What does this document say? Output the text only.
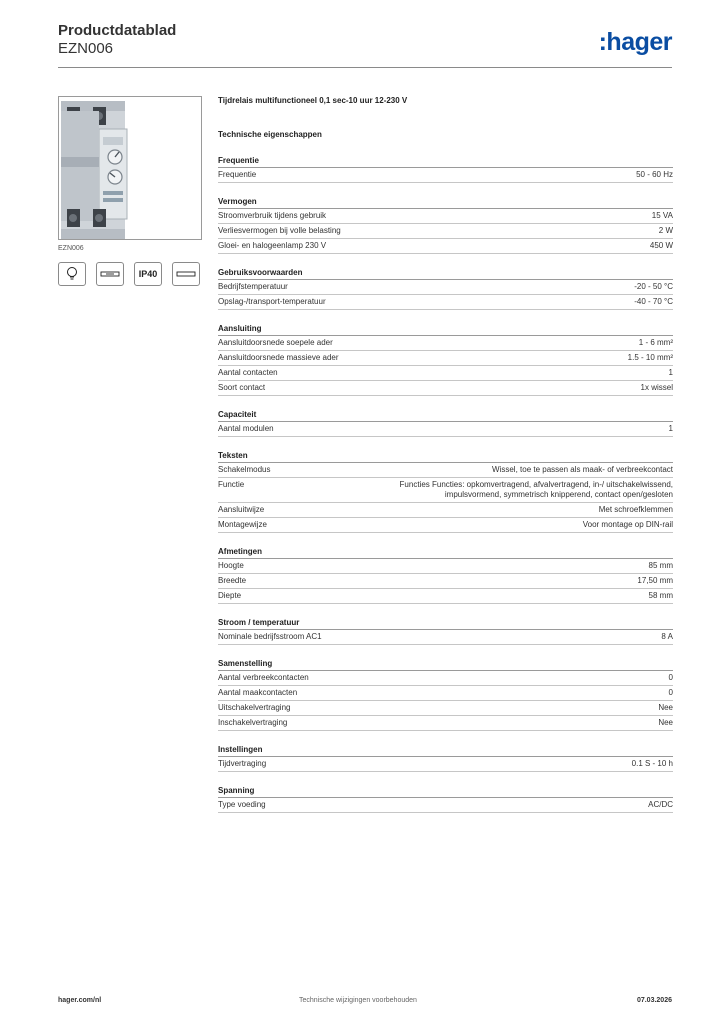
Productdatablad
EZN006	:hager
EZN006
IP40
Tijdrelais multifunctioneel 0,1 sec-10 uur 12-230 V
Technische eigenschappen
Frequentie
Frequentie	50 - 60 Hz
Vermogen
Stroomverbruik tijdens gebruik	15 VA
Verliesvermogen bij volle belasting	2 W
Gloei- en halogeenlamp 230 V	450 W
Gebruiksvoorwaarden
Bedrijfstemperatuur	-20 - 50 °C
Opslag-/transport-temperatuur	-40 - 70 °C
Aansluiting
Aansluitdoorsnede soepele ader	1 - 6 mm²
Aansluitdoorsnede massieve ader	1.5 - 10 mm²
Aantal contacten	1
Soort contact	1x wissel
Capaciteit
Aantal modulen	1
Teksten
Schakelmodus	Wissel, toe te passen als maak- of verbreekcontact
Functie	Functies Functies: opkomvertragend, afvalvertragend, in-/ uitschakelwissend, impulsvormend, symmetrisch knipperend, contact open/gesloten
Aansluitwijze	Met schroefklemmen
Montagewijze	Voor montage op DIN-rail
Afmetingen
Hoogte	85 mm
Breedte	17,50 mm
Diepte	58 mm
Stroom / temperatuur
Nominale bedrijfsstroom AC1	8 A
Samenstelling
Aantal verbreekcontacten	0
Aantal maakcontacten	0
Uitschakelvertraging	Nee
Inschakelvertraging	Nee
Instellingen
Tijdvertraging	0.1 S - 10 h
Spanning
Type voeding	AC/DC
hager.com/nl	Technische wijzigingen voorbehouden	07.03.2026
